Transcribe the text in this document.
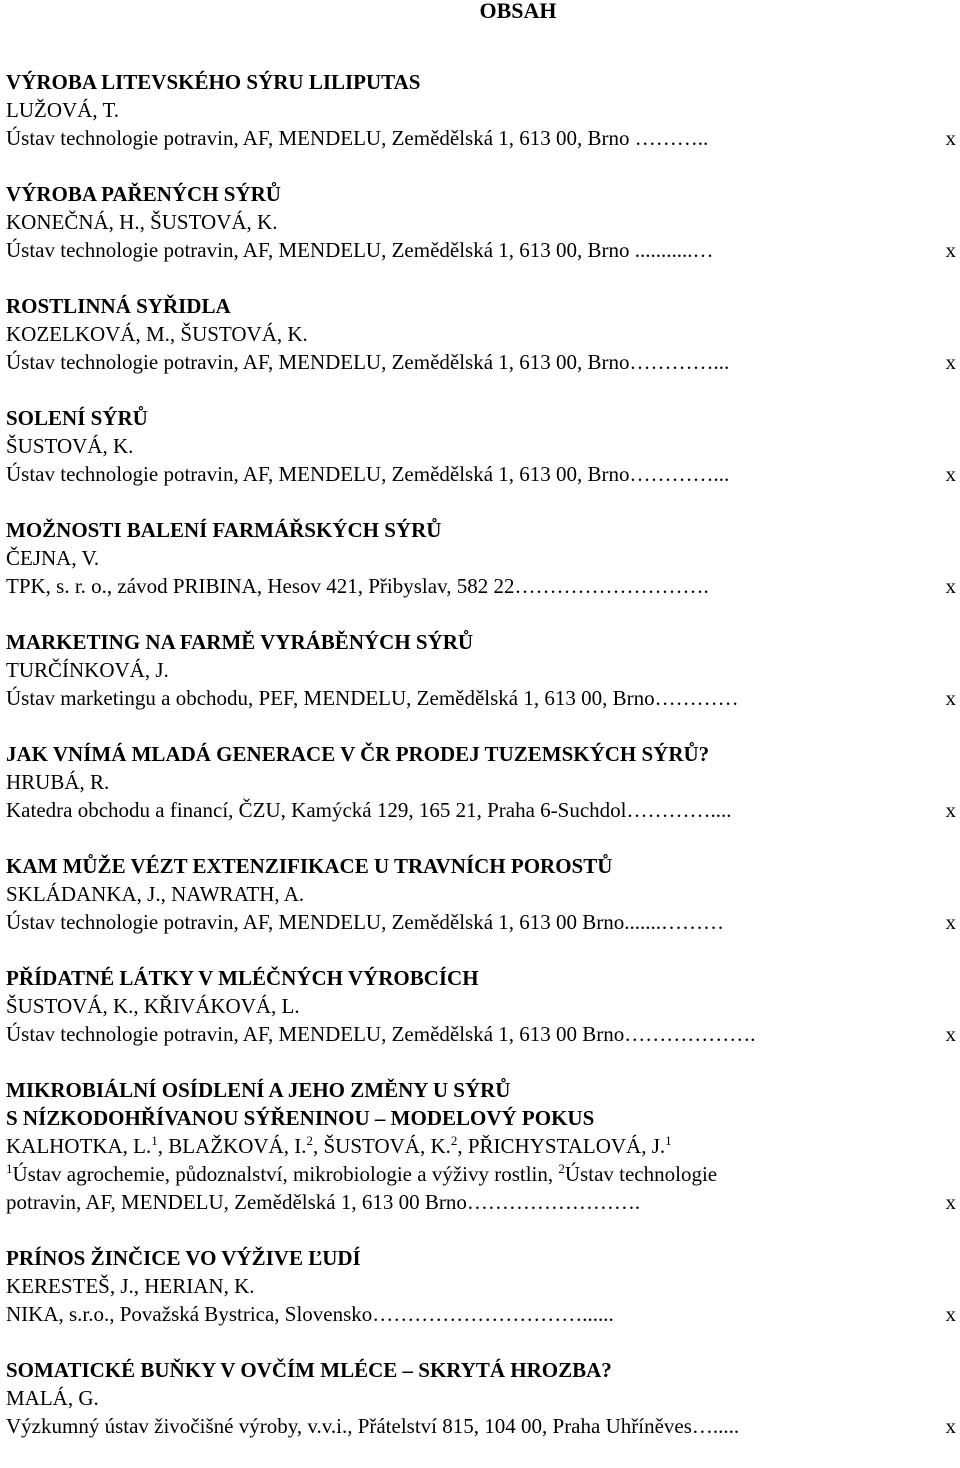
OBSAH
VÝROBA LITEVSKÉHO SÝRU LILIPUTAS
LUŽOVÁ, T.
Ústav technologie potravin, AF, MENDELU, Zemědělská 1, 613 00, Brno ………..	x
VÝROBA PAŘENÝCH SÝRŮ
KONEČNÁ, H., ŠUSTOVÁ, K.
Ústav technologie potravin, AF, MENDELU, Zemědělská 1, 613 00, Brno ...........…	x
ROSTLINNÁ SYŘIDLA
KOZELKOVÁ, M., ŠUSTOVÁ, K.
Ústav technologie potravin, AF, MENDELU, Zemědělská 1, 613 00, Brno…………...	x
SOLENÍ SÝRŮ
ŠUSTOVÁ, K.
Ústav technologie potravin, AF, MENDELU, Zemědělská 1, 613 00, Brno…………...	x
MOŽNOSTI BALENÍ FARMÁŘSKÝCH SÝRŮ
ČEJNA, V.
TPK, s. r. o., závod PRIBINA, Hesov 421, Přibyslav, 582 22……………………….	x
MARKETING NA FARMĚ VYRÁBĚNÝCH SÝRŮ
TURČÍNKOVÁ, J.
Ústav marketingu a obchodu, PEF, MENDELU, Zemědělská 1, 613 00, Brno…………	x
JAK VNÍMÁ MLADÁ GENERACE V ČR PRODEJ TUZEMSKÝCH SÝRŮ?
HRUBÁ, R.
Katedra obchodu a financí, ČZU, Kamýcká 129, 165 21, Praha 6-Suchdol…………....	x
KAM MŮŽE VÉZT EXTENZIFIKACE U TRAVNÍCH POROSTŮ
SKLÁDANKA, J., NAWRATH, A.
Ústav technologie potravin, AF, MENDELU, Zemědělská 1, 613 00 Brno.......………	x
PŘÍDATNÉ LÁTKY V MLÉČNÝCH VÝROBCÍCH
ŠUSTOVÁ, K., KŘIVÁKOVÁ, L.
Ústav technologie potravin, AF, MENDELU, Zemědělská 1, 613 00 Brno……………….	x
MIKROBIÁLNÍ OSÍDLENÍ A JEHO ZMĚNY U SÝRŮ
S NÍZKODOHŘÍVANOU SÝŘENINOU – MODELOVÝ POKUS
KALHOTKA, L.$^1$, BLAŽKOVÁ, I.$^2$, ŠUSTOVÁ, K.$^2$, PŘICHYSTALOVÁ, J.$^1$
$^1$Ústav agrochemie, půdoznalství, mikrobiologie a výživy rostlin, $^2$Ústav technologie
potravin, AF, MENDELU, Zemědělská 1, 613 00 Brno…………………….	x
PRÍNOS ŽINČICE VO VÝŽIVE ĽUDÍ
KERESTEŠ, J., HERIAN, K.
NIKA, s.r.o., Považská Bystrica, Slovensko…………………………......	x
SOMATICKÉ BUŇKY V OVČÍM MLÉCE – SKRYTÁ HROZBA?
MALÁ, G.
Výzkumný ústav živočišné výroby, v.v.i., Přátelství 815, 104 00, Praha Uhříněves….....	x
